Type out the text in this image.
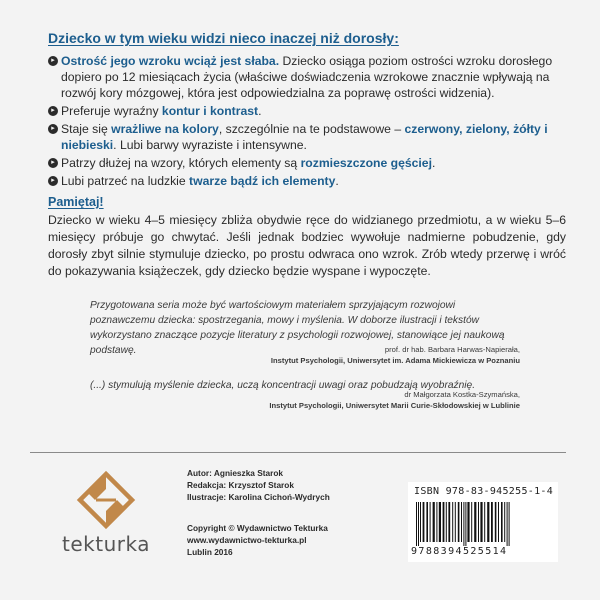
Dziecko w tym wieku widzi nieco inaczej niż dorosły:
▸ Ostrość jego wzroku wciąż jest słaba. Dziecko osiąga poziom ostrości wzroku dorosłego dopiero po 12 miesiącach życia (właściwe doświadczenia wzrokowe znacznie wpływają na rozwój kory mózgowej, która jest odpowiedzialna za poprawę ostrości widzenia).
▸ Preferuje wyraźny kontur i kontrast.
▸ Staje się wrażliwe na kolory, szczególnie na te podstawowe – czerwony, zielony, żółty i niebieski. Lubi barwy wyraziste i intensywne.
▸ Patrzy dłużej na wzory, których elementy są rozmieszczone gęściej.
▸ Lubi patrzeć na ludzkie twarze bądź ich elementy.
Pamiętaj!
Dziecko w wieku 4–5 miesięcy zbliża obydwie ręce do widzianego przedmiotu, a w wieku 5–6 miesięcy próbuje go chwytać. Jeśli jednak bodziec wywołuje nadmierne pobudzenie, gdy dorosły zbyt silnie stymuluje dziecko, po prostu odwraca ono wzrok. Zrób wtedy przerwę i wróć do pokazywania książeczek, gdy dziecko będzie wyspane i wypoczęte.
Przygotowana seria może być wartościowym materiałem sprzyjającym rozwojowi poznawczemu dziecka: spostrzegania, mowy i myślenia. W doborze ilustracji i tekstów wykorzystano znaczące pozycje literatury z psychologii rozwojowej, stanowiące jej naukową podstawę.	prof. dr hab. Barbara Harwas-Napierała,
Instytut Psychologii, Uniwersytet im. Adama Mickiewicza w Poznaniu
(...) stymulują myślenie dziecka, uczą koncentracji uwagi oraz pobudzają wyobraźnię.
dr Małgorzata Kostka-Szymańska,
Instytut Psychologii, Uniwersytet Marii Curie-Skłodowskiej w Lublinie
tekturka
Autor: Agnieszka Starok
Redakcja: Krzysztof Starok
Ilustracje: Karolina Cichoń-Wydrych
Copyright © Wydawnictwo Tekturka
www.wydawnictwo-tekturka.pl
Lublin 2016
ISBN 978-83-945255-1-4
9788394525514
